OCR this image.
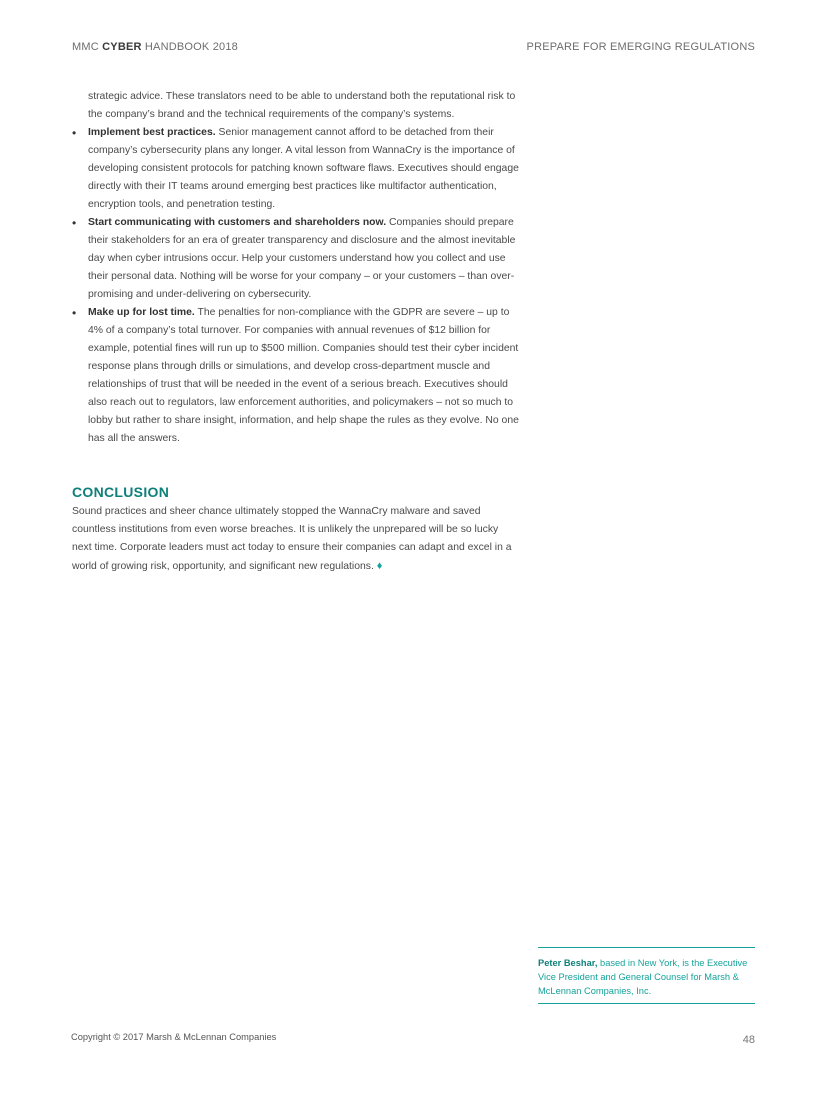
MMC CYBER HANDBOOK 2018	PREPARE FOR EMERGING REGULATIONS

strategic advice. These translators need to be able to understand both the reputational risk to the company’s brand and the technical requirements of the company’s systems.

• Implement best practices. Senior management cannot afford to be detached from their company’s cybersecurity plans any longer. A vital lesson from WannaCry is the importance of developing consistent protocols for patching known software flaws. Executives should engage directly with their IT teams around emerging best practices like multifactor authentication, encryption tools, and penetration testing.
• Start communicating with customers and shareholders now. Companies should prepare their stakeholders for an era of greater transparency and disclosure and the almost inevitable day when cyber intrusions occur. Help your customers understand how you collect and use their personal data. Nothing will be worse for your company – or your customers – than over-promising and under-delivering on cybersecurity.
• Make up for lost time. The penalties for non-compliance with the GDPR are severe – up to 4% of a company’s total turnover. For companies with annual revenues of $12 billion for example, potential fines will run up to $500 million. Companies should test their cyber incident response plans through drills or simulations, and develop cross-department muscle and relationships of trust that will be needed in the event of a serious breach. Executives should also reach out to regulators, law enforcement authorities, and policymakers – not so much to lobby but rather to share insight, information, and help shape the rules as they evolve. No one has all the answers.
CONCLUSION
Sound practices and sheer chance ultimately stopped the WannaCry malware and saved countless institutions from even worse breaches. It is unlikely the unprepared will be so lucky next time. Corporate leaders must act today to ensure their companies can adapt and excel in a world of growing risk, opportunity, and significant new regulations. ♦
Peter Beshar, based in New York, is the Executive Vice President and General Counsel for Marsh & McLennan Companies, Inc.
Copyright © 2017 Marsh & McLennan Companies	48
